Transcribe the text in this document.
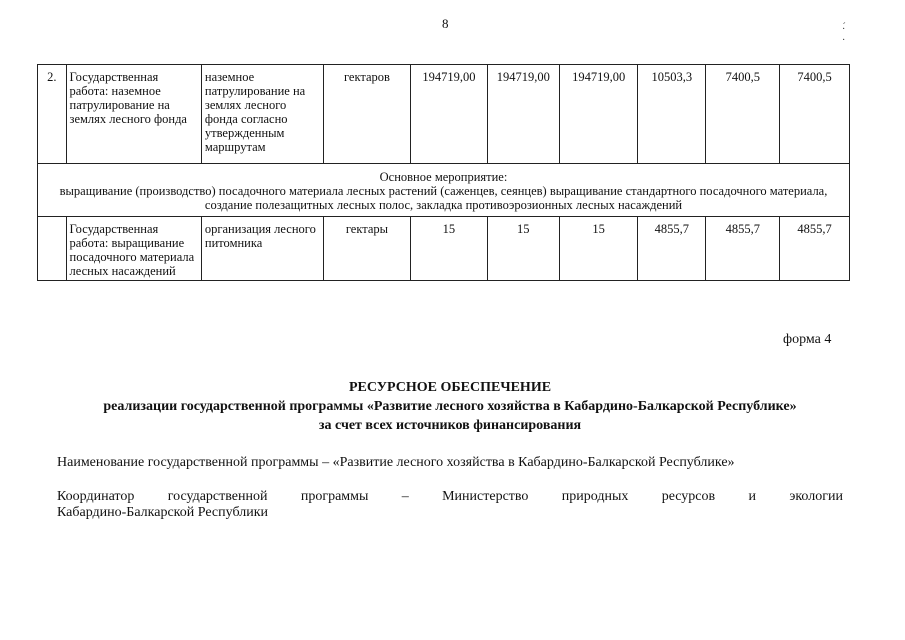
8	·́ ·
2.	Государственная работа: наземное патрулирование на землях лесного фонда	наземное патрулирование на землях лесного фонда согласно утвержденным маршрутам	гектаров	194719,00	194719,00	194719,00	10503,3	7400,5	7400,5

Основное мероприятие:
выращивание (производство) посадочного материала лесных растений (саженцев, сеянцев) выращивание стандартного посадочного материала,
создание полезащитных лесных полос, закладка противоэрозионных лесных насаждений									

	Государственная работа: выращивание посадочного материала лесных насаждений	организация лесного питомника	гектары	15	15	15	4855,7	4855,7	4855,7
форма 4
РЕСУРСНОЕ ОБЕСПЕЧЕНИЕ
реализации государственной программы «Развитие лесного хозяйства в Кабардино-Балкарской Республике»
за счет всех источников финансирования
Наименование государственной программы – «Развитие лесного хозяйства в Кабардино-Балкарской Республике»
Координатор государственной программы – Министерство природных ресурсов и экологии
Кабардино-Балкарской Республики
